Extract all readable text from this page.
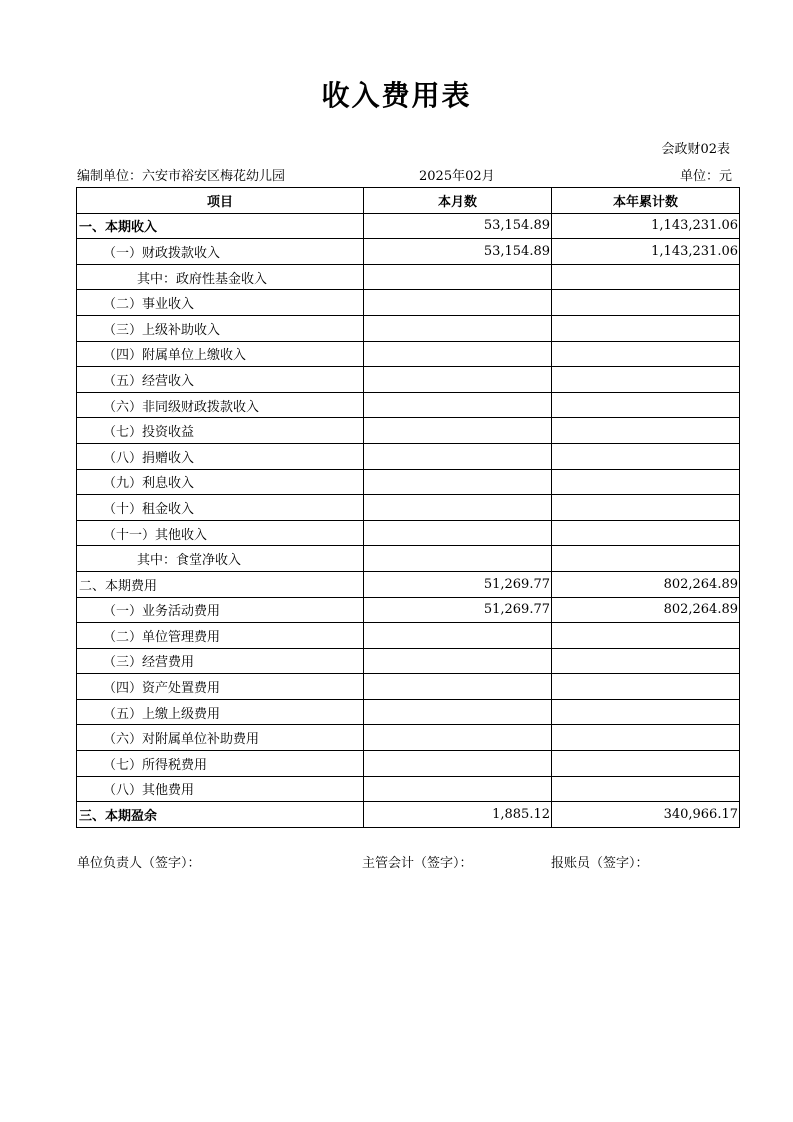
收入费用表
会政财02表
编制单位：六安市裕安区梅花幼儿园	2025年02月	单位：元
项目	本月数	本年累计数
一、本期收入	53,154.89	1,143,231.06
（一）财政拨款收入	53,154.89	1,143,231.06
其中：政府性基金收入		
（二）事业收入		
（三）上级补助收入		
（四）附属单位上缴收入		
（五）经营收入		
（六）非同级财政拨款收入		
（七）投资收益		
（八）捐赠收入		
（九）利息收入		
（十）租金收入		
（十一）其他收入		
其中：食堂净收入		
二、本期费用	51,269.77	802,264.89
（一）业务活动费用	51,269.77	802,264.89
（二）单位管理费用		
（三）经营费用		
（四）资产处置费用		
（五）上缴上级费用		
（六）对附属单位补助费用		
（七）所得税费用		
（八）其他费用		
三、本期盈余	1,885.12	340,966.17
单位负责人（签字）：	主管会计（签字）：	报账员（签字）：
